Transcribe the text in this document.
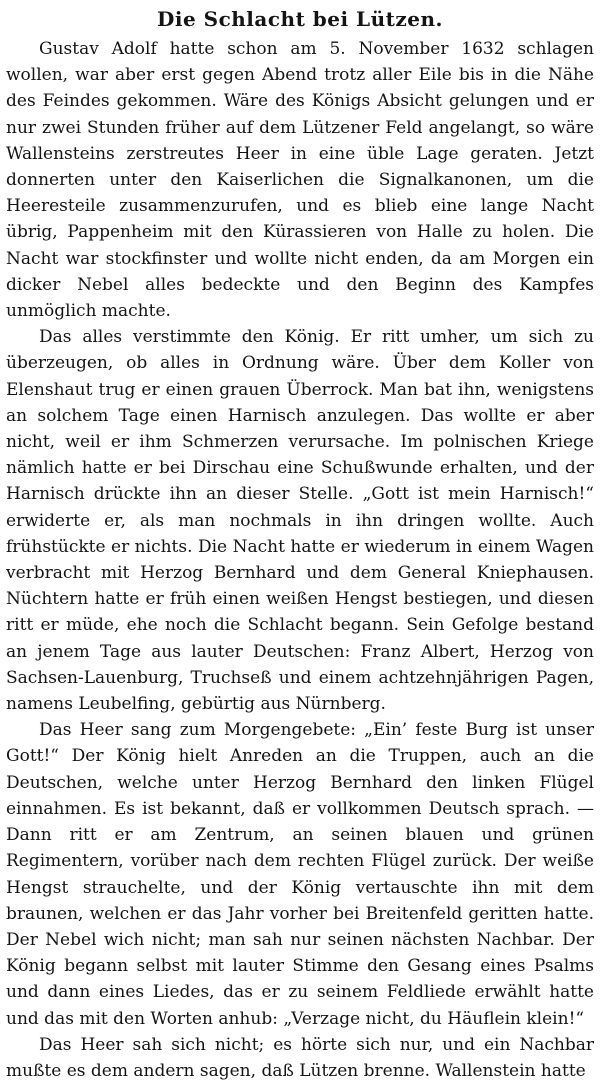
Die Schlacht bei Lützen.

Gustav Adolf hatte schon am 5. November 1632 schlagen wollen, war aber erst gegen Abend trotz aller Eile bis in die Nähe des Feindes gekommen. Wäre des Königs Absicht gelungen und er nur zwei Stunden früher auf dem Lützener Feld angelangt, so wäre Wallensteins zerstreutes Heer in eine üble Lage geraten. Jetzt donnerten unter den Kaiserlichen die Signalkanonen, um die Heeresteile zusammenzurufen, und es blieb eine lange Nacht übrig, Pappenheim mit den Kürassieren von Halle zu holen. Die Nacht war stockfinster und wollte nicht enden, da am Morgen ein dicker Nebel alles bedeckte und den Beginn des Kampfes unmöglich machte.

Das alles verstimmte den König. Er ritt umher, um sich zu überzeugen, ob alles in Ordnung wäre. Über dem Koller von Elenshaut trug er einen grauen Überrock. Man bat ihn, wenigstens an solchem Tage einen Harnisch anzulegen. Das wollte er aber nicht, weil er ihm Schmerzen verursache. Im polnischen Kriege nämlich hatte er bei Dirschau eine Schußwunde erhalten, und der Harnisch drückte ihn an dieser Stelle. „Gott ist mein Harnisch!“ erwiderte er, als man nochmals in ihn dringen wollte. Auch frühstückte er nichts. Die Nacht hatte er wiederum in einem Wagen verbracht mit Herzog Bernhard und dem General Kniephausen. Nüchtern hatte er früh einen weißen Hengst bestiegen, und diesen ritt er müde, ehe noch die Schlacht begann. Sein Gefolge bestand an jenem Tage aus lauter Deutschen: Franz Albert, Herzog von Sachsen-Lauenburg, Truchseß und einem achtzehnjährigen Pagen, namens Leubelfing, gebürtig aus Nürnberg.

Das Heer sang zum Morgengebete: „Ein’ feste Burg ist unser Gott!“ Der König hielt Anreden an die Truppen, auch an die Deutschen, welche unter Herzog Bernhard den linken Flügel einnahmen. Es ist bekannt, daß er vollkommen Deutsch sprach. — Dann ritt er am Zentrum, an seinen blauen und grünen Regimentern, vorüber nach dem rechten Flügel zurück. Der weiße Hengst strauchelte, und der König vertauschte ihn mit dem braunen, welchen er das Jahr vorher bei Breitenfeld geritten hatte. Der Nebel wich nicht; man sah nur seinen nächsten Nachbar. Der König begann selbst mit lauter Stimme den Gesang eines Psalms und dann eines Liedes, das er zu seinem Feldliede erwählt hatte und das mit den Worten anhub: „Verzage nicht, du Häuflein klein!“

Das Heer sah sich nicht; es hörte sich nur, und ein Nachbar mußte es dem andern sagen, daß Lützen brenne. Wallenstein hatte
